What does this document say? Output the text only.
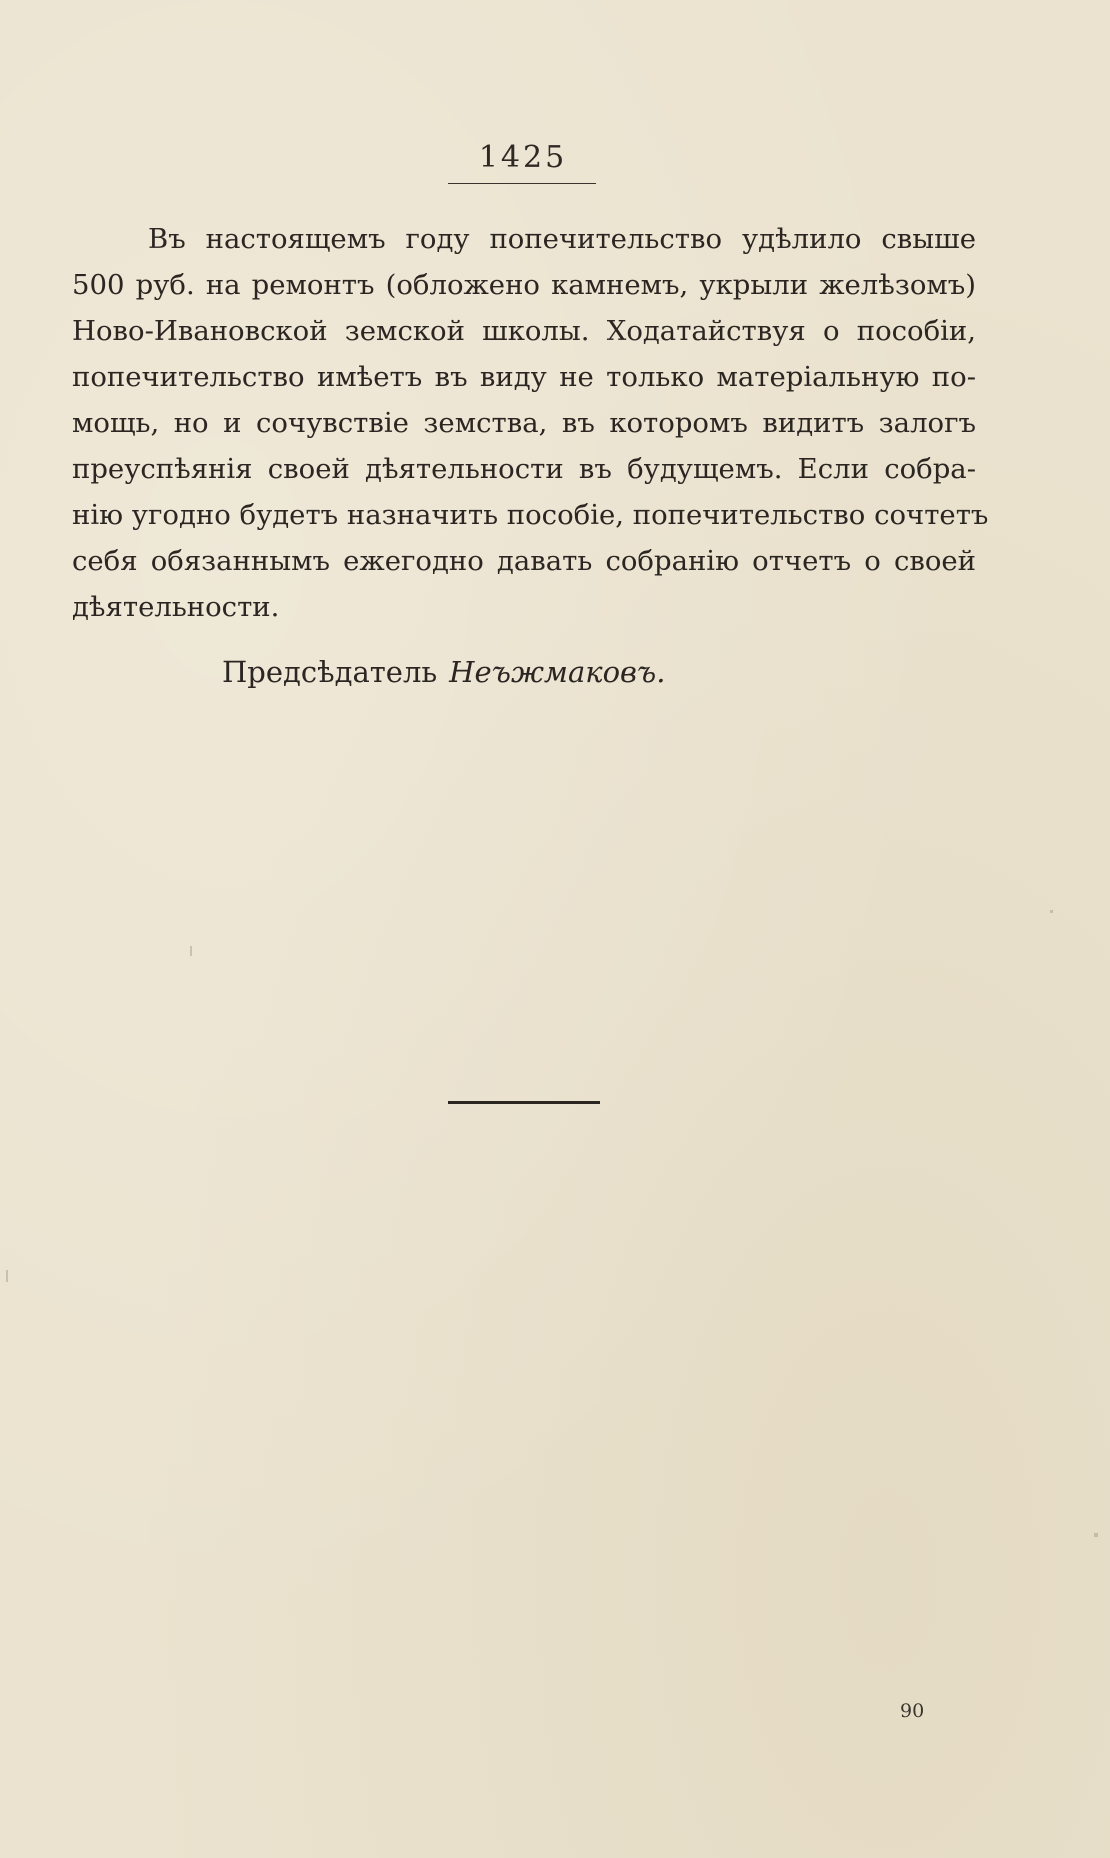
1425
Въ настоящемъ году попечительство удѣлило свыше
500 руб. на ремонтъ (обложено камнемъ, укрыли желѣзомъ)
Ново-Ивановской земской школы. Ходатайствуя о пособіи,
попечительство имѣетъ въ виду не только матеріальную по-
мощь, но и сочувствіе земства, въ которомъ видитъ залогъ
преуспѣянія своей дѣятельности въ будущемъ. Если собра-
нію угодно будетъ назначить пособіе, попечительство сочтетъ
себя обязаннымъ ежегодно давать собранію отчетъ о своей
дѣятельности.
Предсѣдатель Неъжмаковъ.
90
